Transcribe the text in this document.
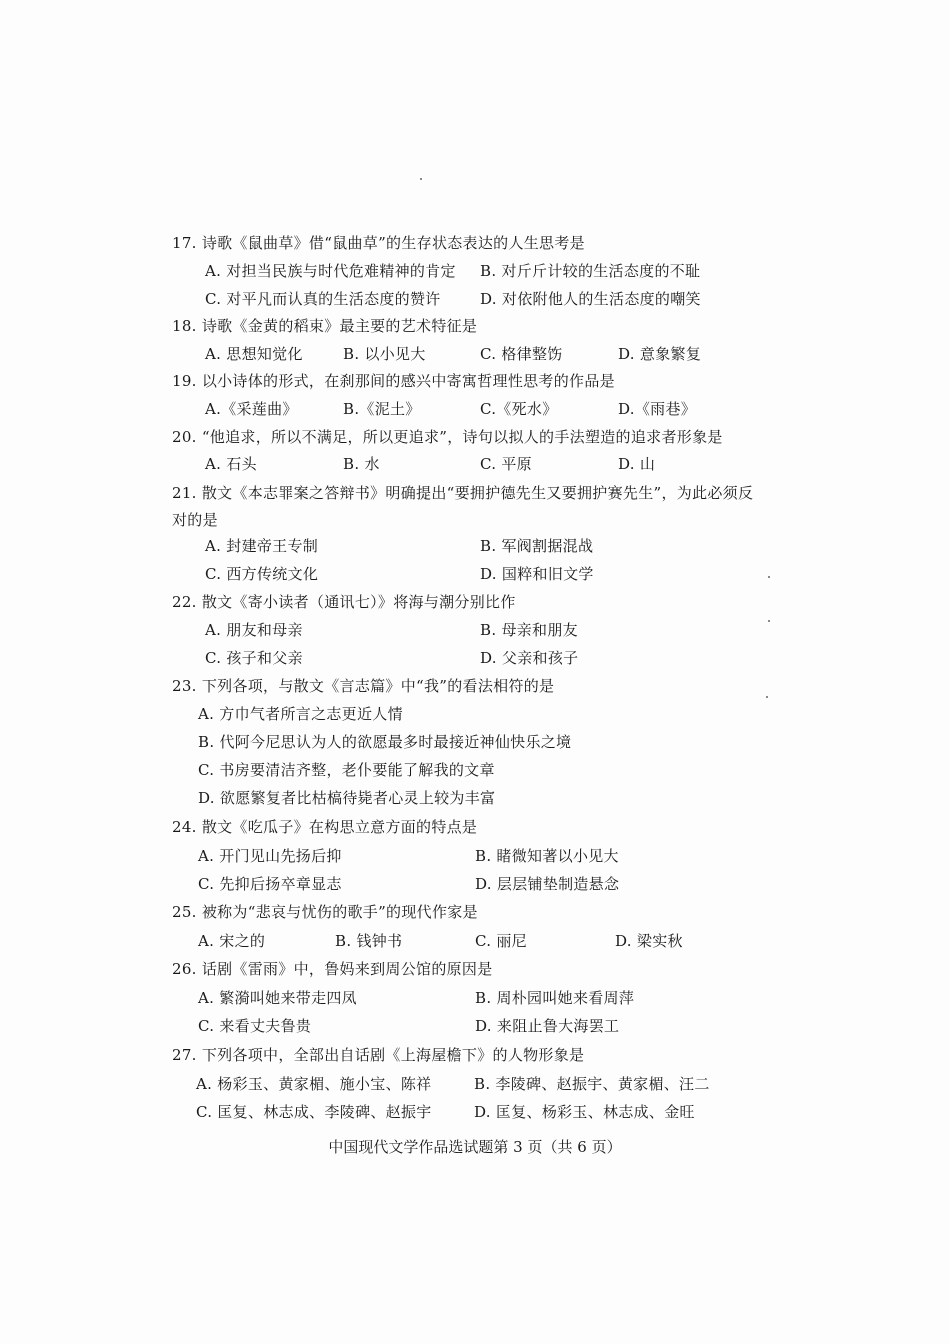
17. 诗歌《鼠曲草》借“鼠曲草”的生存状态表达的人生思考是
A. 对担当民族与时代危难精神的肯定 B. 对斤斤计较的生活态度的不耻
C. 对平凡而认真的生活态度的赞许	D. 对依附他人的生活态度的嘲笑
18. 诗歌《金黄的稻束》最主要的艺术特征是
A. 思想知觉化	B. 以小见大	C. 格律整饬	D. 意象繁复
19. 以小诗体的形式，在刹那间的感兴中寄寓哲理性思考的作品是
A.《采莲曲》	B.《泥土》	C.《死水》	D.《雨巷》
20. “他追求，所以不满足，所以更追求”，诗句以拟人的手法塑造的追求者形象是
A. 石头	B. 水	C. 平原	D. 山
21. 散文《本志罪案之答辩书》明确提出“要拥护德先生又要拥护赛先生”，为此必须反对的是
A. 封建帝王专制	B. 军阀割据混战
C. 西方传统文化	D. 国粹和旧文学
22. 散文《寄小读者（通讯七）》将海与潮分别比作
A. 朋友和母亲	B. 母亲和朋友
C. 孩子和父亲	D. 父亲和孩子
23. 下列各项，与散文《言志篇》中“我”的看法相符的是
A. 方巾气者所言之志更近人情
B. 代阿今尼思认为人的欲愿最多时最接近神仙快乐之境
C. 书房要清洁齐整，老仆要能了解我的文章
D. 欲愿繁复者比枯槁待毙者心灵上较为丰富
24. 散文《吃瓜子》在构思立意方面的特点是
A. 开门见山先扬后抑	B. 睹微知著以小见大
C. 先抑后扬卒章显志	D. 层层铺垫制造悬念
25. 被称为“悲哀与忧伤的歌手”的现代作家是
A. 宋之的	B. 钱钟书	C. 丽尼	D. 梁实秋
26. 话剧《雷雨》中，鲁妈来到周公馆的原因是
A. 繁漪叫她来带走四凤	B. 周朴园叫她来看周萍
C. 来看丈夫鲁贵	D. 来阻止鲁大海罢工
27. 下列各项中，全部出自话剧《上海屋檐下》的人物形象是
A. 杨彩玉、黄家楣、施小宝、陈祥	B. 李陵碑、赵振宇、黄家楣、汪二
C. 匡复、林志成、李陵碑、赵振宇	D. 匡复、杨彩玉、林志成、金旺
中国现代文学作品选试题第 3 页（共 6 页）
